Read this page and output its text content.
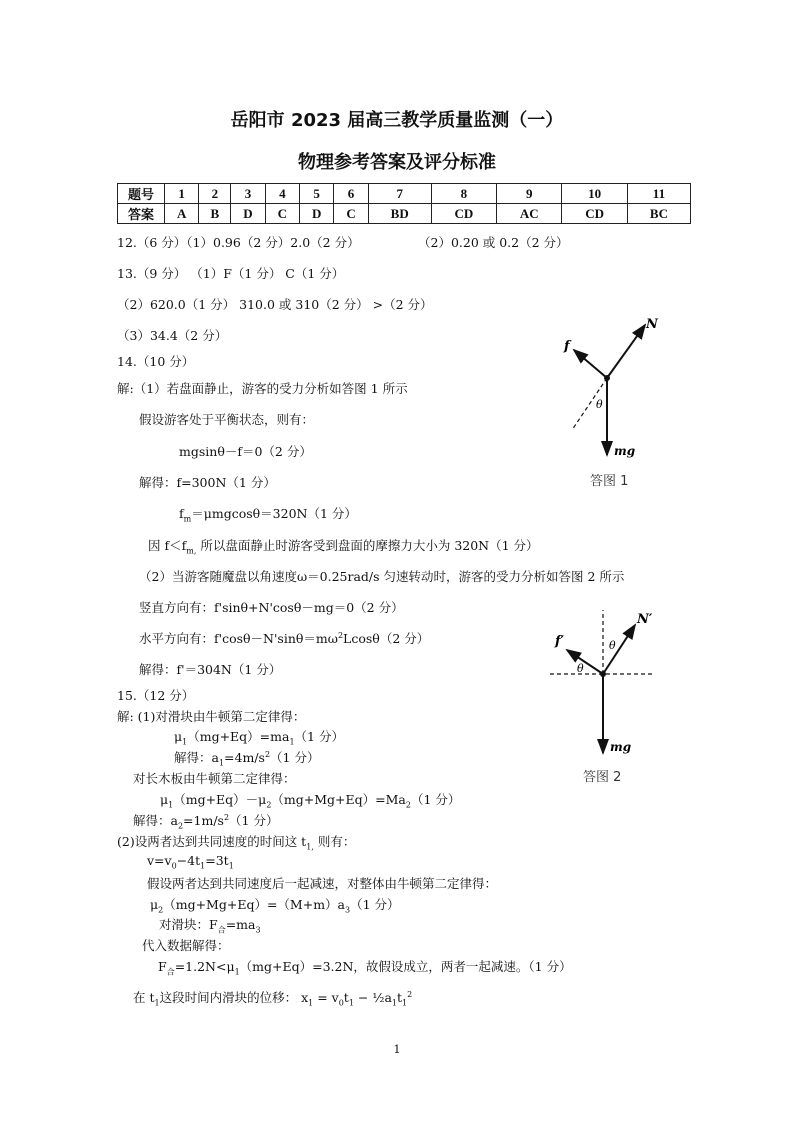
岳阳市 2023 届高三教学质量监测（一）
物理参考答案及评分标准
题号	1	2	3	4	5	6	7	8	9	10	11
答案	A	B	D	C	D	C	BD	CD	AC	CD	BC
12.（6 分）（1）0.96（2 分）2.0（2 分）	（2）0.20 或 0.2（2 分）
13.（9 分） （1）F（1 分） C（1 分）
（2）620.0（1 分） 310.0 或 310（2 分） >（2 分）
（3）34.4（2 分）
14.（10 分）
解:（1）若盘面静止，游客的受力分析如答图 1 所示
假设游客处于平衡状态，则有：
mgsinθ－f＝0（2 分）
解得：f=300N（1 分）
$f_m=\mu mgcos\theta=320N(1$ 分）
因 $f<f_{m,}$ 所以盘面静止时游客受到盘面的摩擦力大小为 320N（1 分）
（2）当游客随魔盘以角速度ω＝0.25rad/s 匀速转动时，游客的受力分析如答图 2 所示
竖直方向有：f'sinθ+N'cosθ－mg＝0（2 分）
水平方向有：$f'\cos\theta-N'\sin\theta=m\omega^2Lcos\theta(2$ 分）
解得：f'＝304N（1 分）
15.（12 分）
解: (1)对滑块由牛顿第二定律得：
$\mu_1(mg+Eq)=ma_1(1$ 分）
解得：$a_1=4m/s^2(1$ 分）
对长木板由牛顿第二定律得：
$\mu_1(mg+Eq)-\mu_2(mg+Mg+Eq)=Ma_2(1$ 分）
解得：$a_2=1m/s^2(1$ 分）
(2)设两者达到共同速度的时间这 $t_{1,}$ 则有：
$v=v_0-4t_1=3t_1$
假设两者达到共同速度后一起减速，对整体由牛顿第二定律得：
$\mu_2(mg+Mg+Eq)=(M+m)a_3(1$ 分）
对滑块：$F_合=ma_3$
代入数据解得：
$F_合=1.2N<\mu_1(mg+Eq)=3.2N$，故假设成立，两者一起减速。（1 分）
在 $t_1$这段时间内滑块的位移： $x_1 = v_0t_1$ − $\frac{1}{2}a_1t_1^2$
N
f
mg
θ
答图 1
N′
f′
mg
θ
θ
答图 2
1
